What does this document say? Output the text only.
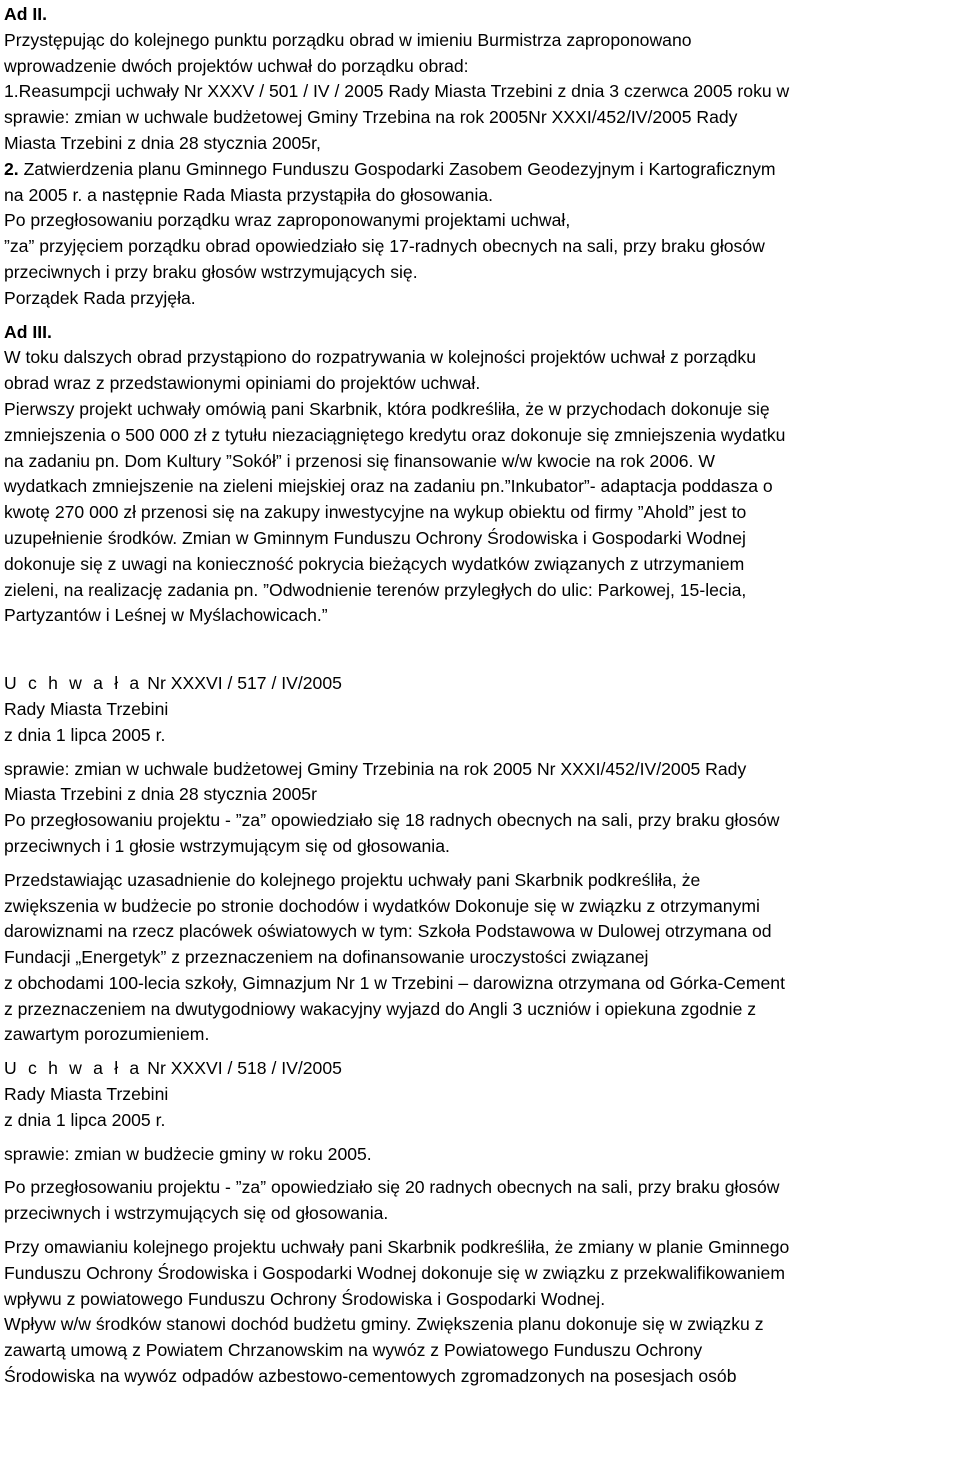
Ad II.

Przystępując do kolejnego punktu porządku obrad w imieniu Burmistrza zaproponowano

wprowadzenie dwóch projektów uchwał do porządku obrad:

1.Reasumpcji uchwały Nr XXXV / 501 / IV / 2005 Rady Miasta Trzebini z dnia 3 czerwca 2005 roku w

sprawie: zmian w uchwale budżetowej Gminy Trzebina na rok 2005Nr XXXI/452/IV/2005 Rady

Miasta Trzebini z dnia 28 stycznia 2005r,

2. Zatwierdzenia planu Gminnego Funduszu Gospodarki Zasobem Geodezyjnym i Kartograficznym

na 2005 r. a następnie Rada Miasta przystąpiła do głosowania.

Po przegłosowaniu porządku wraz zaproponowanymi projektami uchwał,

”za” przyjęciem porządku obrad opowiedziało się 17-radnych obecnych na sali, przy braku głosów

przeciwnych i przy braku głosów wstrzymujących się.

Porządek Rada przyjęła.

Ad III.

W toku dalszych obrad przystąpiono do rozpatrywania w kolejności projektów uchwał z porządku

obrad wraz z przedstawionymi opiniami do projektów uchwał.

Pierwszy projekt uchwały omówią pani Skarbnik, która podkreśliła, że w przychodach dokonuje się

zmniejszenia o 500 000 zł z tytułu niezaciągniętego kredytu oraz dokonuje się zmniejszenia wydatku

na zadaniu pn. Dom Kultury ”Sokół” i przenosi się finansowanie w/w kwocie na rok 2006. W

wydatkach zmniejszenie na zieleni miejskiej oraz na zadaniu pn.”Inkubator”- adaptacja poddasza o

kwotę 270 000 zł przenosi się na zakupy inwestycyjne na wykup obiektu od firmy ”Ahold” jest to

uzupełnienie środków. Zmian w Gminnym Funduszu Ochrony Środowiska i Gospodarki Wodnej

dokonuje się z uwagi na konieczność pokrycia bieżących wydatków związanych z utrzymaniem

zieleni, na realizację zadania pn. ”Odwodnienie terenów przyległych do ulic: Parkowej, 15-lecia,

Partyzantów i Leśnej w Myślachowicach.”

U c h w a ł a Nr XXXVI / 517 / IV/2005

Rady Miasta Trzebini

z dnia 1 lipca 2005 r.

sprawie: zmian w uchwale budżetowej Gminy Trzebinia na rok 2005 Nr XXXI/452/IV/2005 Rady

Miasta Trzebini z dnia 28 stycznia 2005r

Po przegłosowaniu projektu - ”za” opowiedziało się 18 radnych obecnych na sali, przy braku głosów

przeciwnych i 1 głosie wstrzymującym się od głosowania.

Przedstawiając uzasadnienie do kolejnego projektu uchwały pani Skarbnik podkreśliła, że

zwiększenia w budżecie po stronie dochodów i wydatków Dokonuje się w związku z otrzymanymi

darowiznami na rzecz placówek oświatowych w tym: Szkoła Podstawowa w Dulowej otrzymana od

Fundacji „Energetyk” z przeznaczeniem na dofinansowanie uroczystości związanej

z obchodami 100-lecia szkoły, Gimnazjum Nr 1 w Trzebini – darowizna otrzymana od Górka-Cement

z przeznaczeniem na dwutygodniowy wakacyjny wyjazd do Angli 3 uczniów i opiekuna zgodnie z

zawartym porozumieniem.

U c h w a ł a Nr XXXVI / 518 / IV/2005

Rady Miasta Trzebini

z dnia 1 lipca 2005 r.

sprawie: zmian w budżecie gminy w roku 2005.

Po przegłosowaniu projektu - ”za” opowiedziało się 20 radnych obecnych na sali, przy braku głosów

przeciwnych i wstrzymujących się od głosowania.

Przy omawianiu kolejnego projektu uchwały pani Skarbnik podkreśliła, że zmiany w planie Gminnego

Funduszu Ochrony Środowiska i Gospodarki Wodnej dokonuje się w związku z przekwalifikowaniem

wpływu z powiatowego Funduszu Ochrony Środowiska i Gospodarki Wodnej.

Wpływ w/w środków stanowi dochód budżetu gminy. Zwiększenia planu dokonuje się w związku z

zawartą umową z Powiatem Chrzanowskim na wywóz z Powiatowego Funduszu Ochrony

Środowiska na wywóz odpadów azbestowo-cementowych zgromadzonych na posesjach osób
